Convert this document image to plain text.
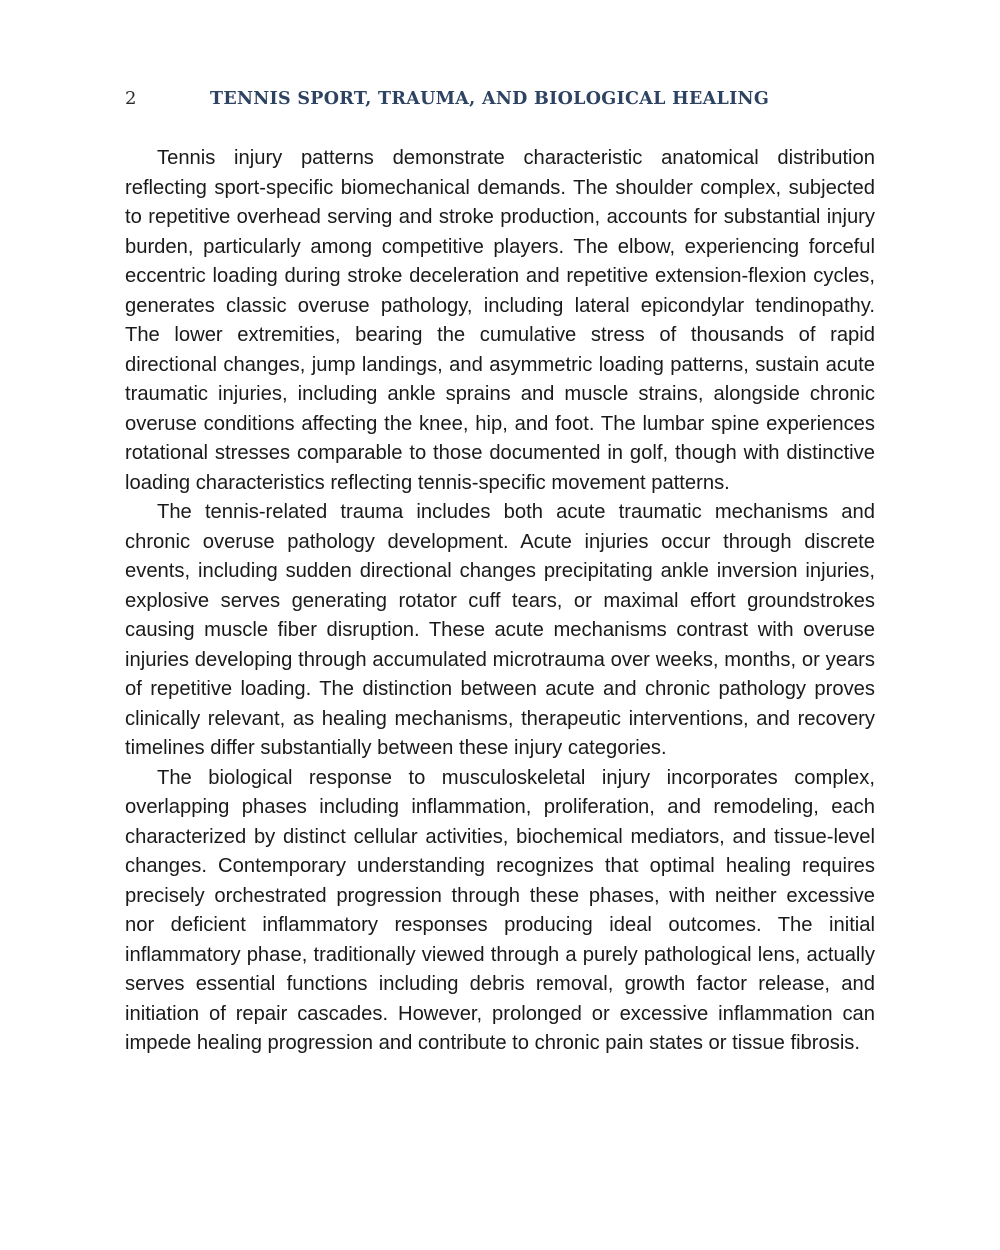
2	TENNIS SPORT, TRAUMA, AND BIOLOGICAL HEALING

Tennis injury patterns demonstrate characteristic anatomical distribution reflecting sport-specific biomechanical demands. The shoulder complex, subjected to repetitive overhead serving and stroke production, accounts for substantial injury burden, particularly among competitive players. The elbow, experiencing forceful eccentric loading during stroke deceleration and repetitive extension-flexion cycles, generates classic overuse pathology, including lateral epicondylar tendinopathy. The lower extremities, bearing the cumulative stress of thousands of rapid directional changes, jump landings, and asymmetric loading patterns, sustain acute traumatic injuries, including ankle sprains and muscle strains, alongside chronic overuse conditions affecting the knee, hip, and foot. The lumbar spine experiences rotational stresses comparable to those documented in golf, though with distinctive loading characteristics reflecting tennis-specific movement patterns.

The tennis-related trauma includes both acute traumatic mechanisms and chronic overuse pathology development. Acute injuries occur through discrete events, including sudden directional changes precipitating ankle inversion injuries, explosive serves generating rotator cuff tears, or maximal effort groundstrokes causing muscle fiber disruption. These acute mechanisms contrast with overuse injuries developing through accumulated microtrauma over weeks, months, or years of repetitive loading. The distinction between acute and chronic pathology proves clinically relevant, as healing mechanisms, therapeutic interventions, and recovery timelines differ substantially between these injury categories.

The biological response to musculoskeletal injury incorporates complex, overlapping phases including inflammation, proliferation, and remodeling, each characterized by distinct cellular activities, biochemical mediators, and tissue-level changes. Contemporary understanding recognizes that optimal healing requires precisely orchestrated progression through these phases, with neither excessive nor deficient inflammatory responses producing ideal outcomes. The initial inflammatory phase, traditionally viewed through a purely pathological lens, actually serves essential functions including debris removal, growth factor release, and initiation of repair cascades. However, prolonged or excessive inflammation can impede healing progression and contribute to chronic pain states or tissue fibrosis.
